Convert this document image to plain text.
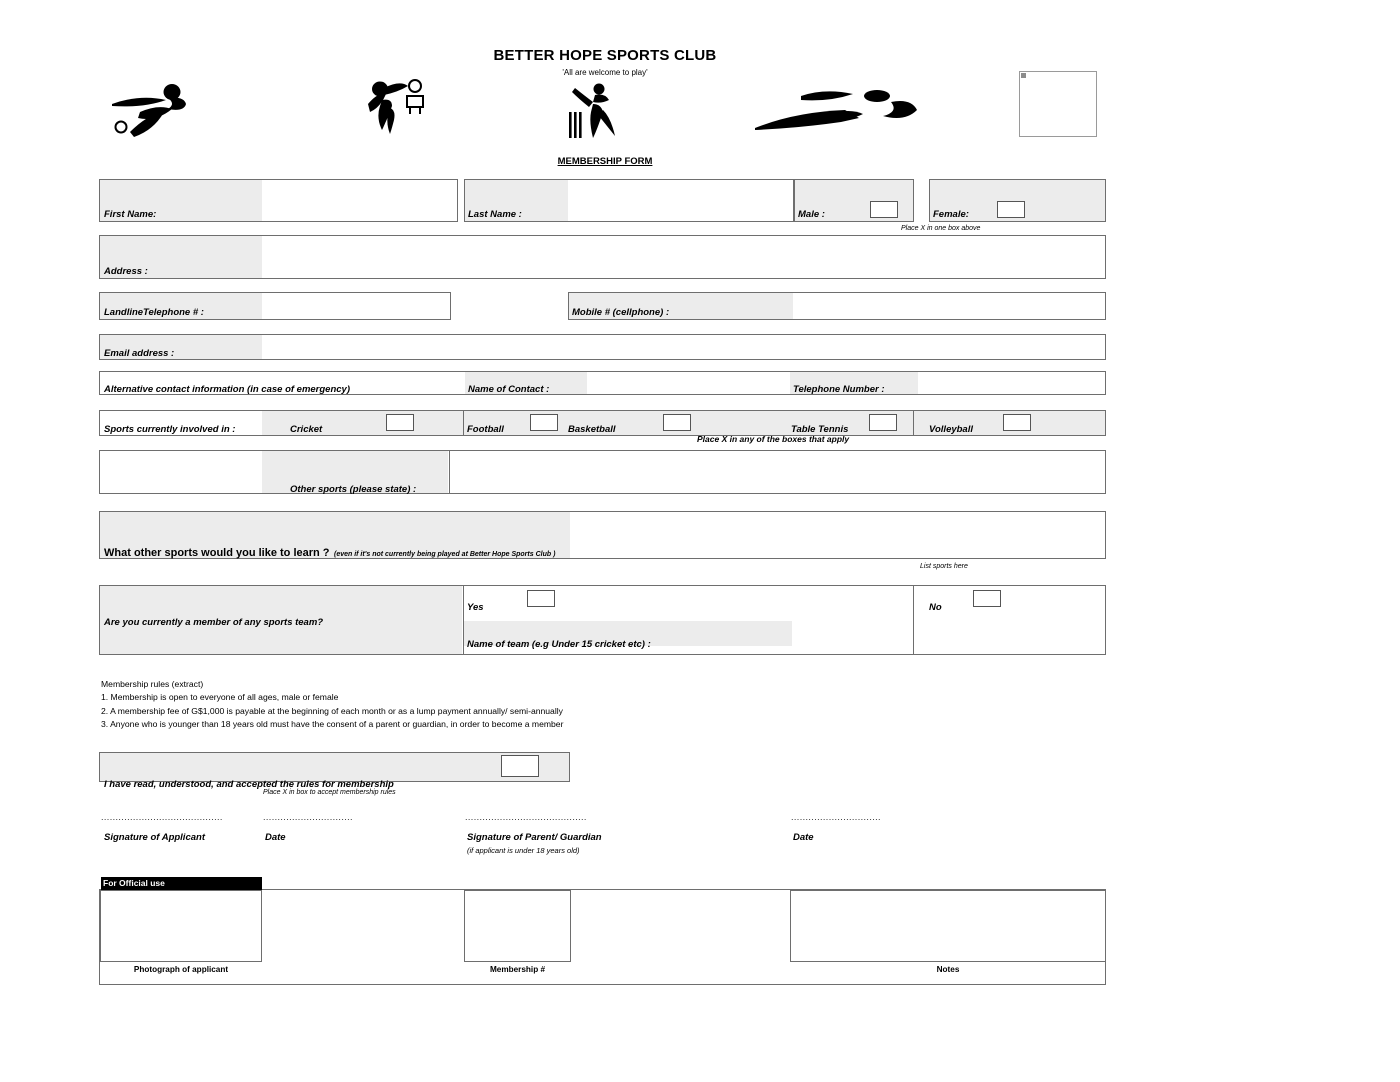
BETTER HOPE SPORTS CLUB
'All are welcome to play'
MEMBERSHIP FORM
First Name:	Last Name :	Male :	Female:
Place X in one box above
Address :
LandlineTelephone # :	Mobile # (cellphone) :
Email address :
Alternative contact information (in case of emergency)	Name of Contact :	Telephone Number :
Sports currently involved in :	Cricket	Football	Basketball	Table Tennis	Volleyball
Place X in any of the boxes that apply
Other sports (please state) :
What other sports would you like to learn ? (even if it's not currently being played at Better Hope Sports Club )
List sports here
Are you currently a member of any sports team?
Yes	No
Name of team (e.g Under 15 cricket etc) :
Membership rules (extract)
1. Membership is open to everyone of all ages, male or female
2. A membership fee of G$1,000 is payable at the beginning of each month or as a lump payment annually/ semi-annually
3. Anyone who is younger than 18 years old must have the consent of a parent or guardian, in order to become a member
I have read, understood, and accepted the rules for membership
Place X in box to accept membership rules
..........................................
Signature of Applicant
...............................
Date
..........................................
Signature of Parent/ Guardian
(if applicant is under 18 years old)
...............................
Date
For Official use
Photograph of applicant	Membership #	Notes
